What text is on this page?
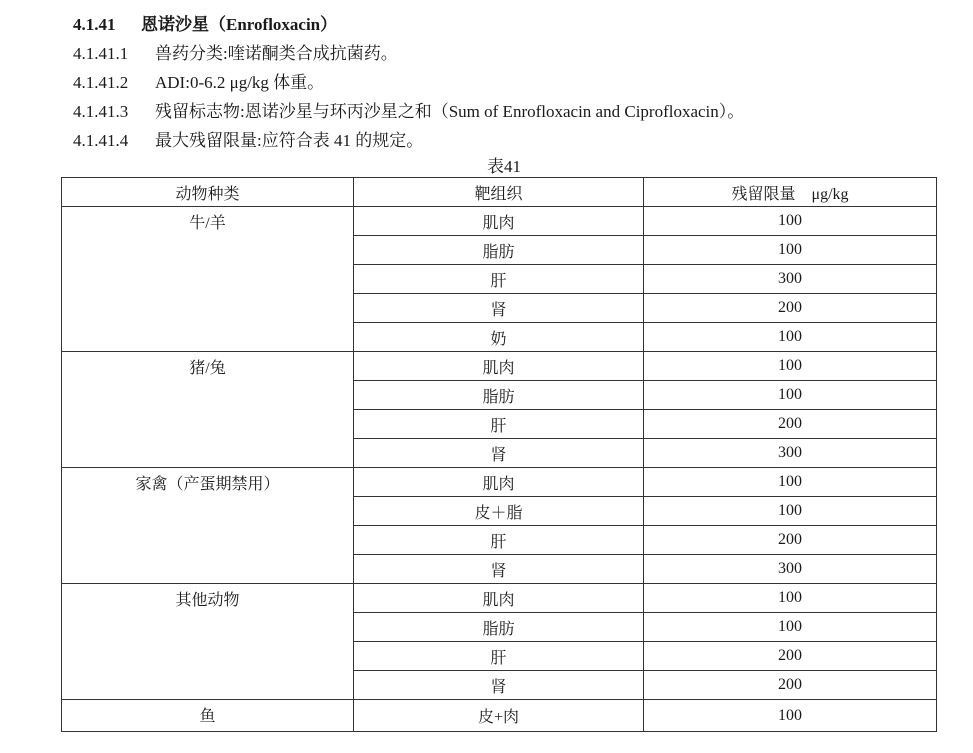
4.1.41 恩诺沙星（Enrofloxacin）
4.1.41.1 兽药分类:喹诺酮类合成抗菌药。
4.1.41.2 ADI:0-6.2 μg/kg 体重。
4.1.41.3 残留标志物:恩诺沙星与环丙沙星之和（Sum of Enrofloxacin and Ciprofloxacin）。
4.1.41.4 最大残留限量:应符合表 41 的规定。
表41
动物种类	靶组织	残留限量　μg/kg
牛/羊	肌肉	100
	脂肪	100
	肝	300
	肾	200
	奶	100
猪/兔	肌肉	100
	脂肪	100
	肝	200
	肾	300
家禽（产蛋期禁用）	肌肉	100
	皮＋脂	100
	肝	200
	肾	300
其他动物	肌肉	100
	脂肪	100
	肝	200
	肾	200
鱼	皮+肉	100
